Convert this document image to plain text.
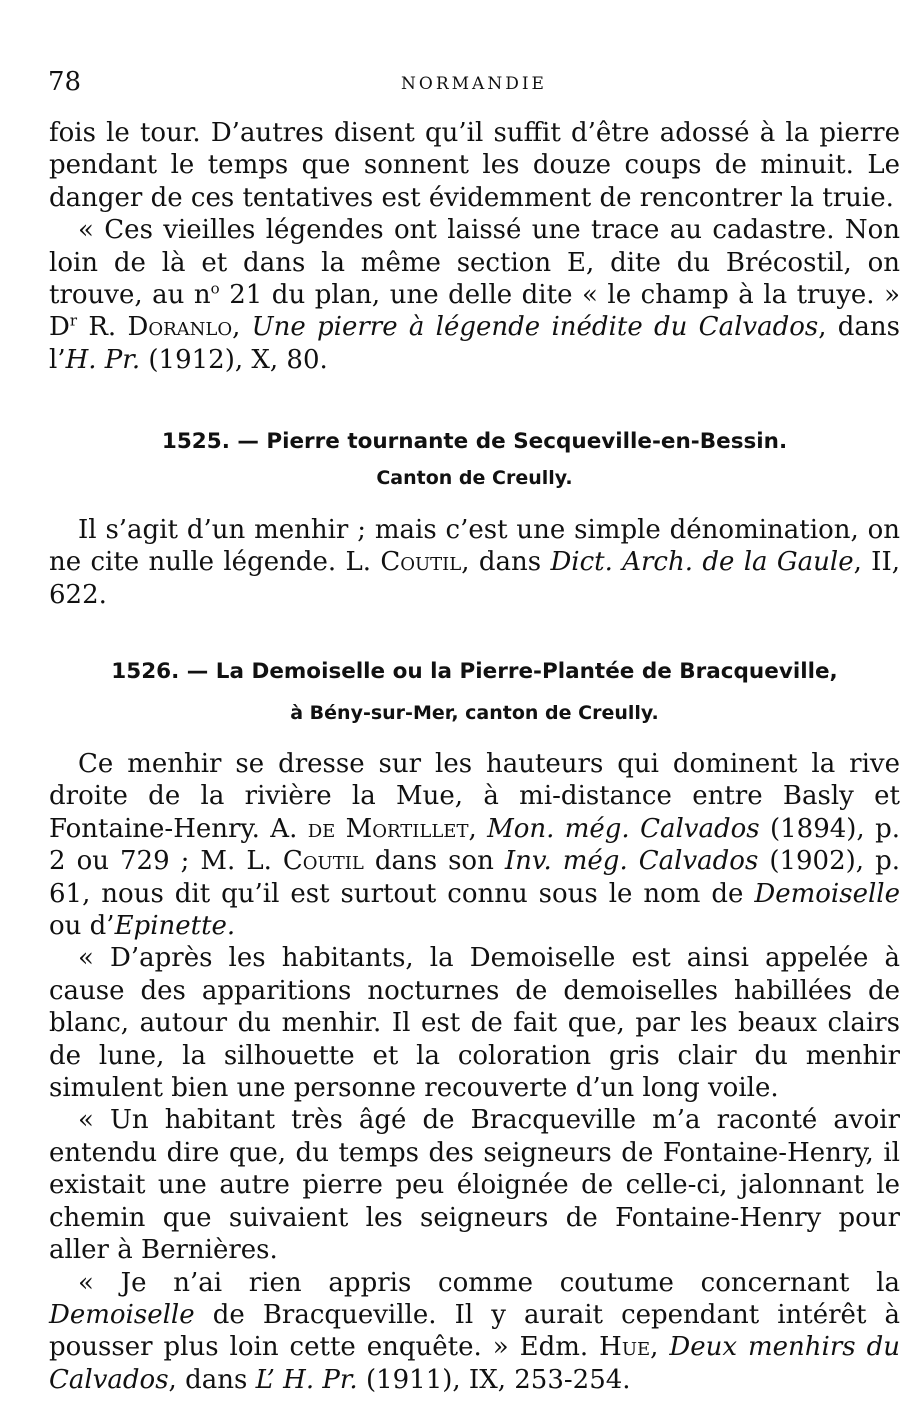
78	NORMANDIE

fois le tour. D’autres disent qu’il suffit d’être adossé à la pierre pendant le temps que sonnent les douze coups de minuit. Le danger de ces tentatives est évidemment de rencontrer la truie.

« Ces vieilles légendes ont laissé une trace au cadastre. Non loin de là et dans la même section E, dite du Brécostil, on trouve, au $n^o$ 21 du plan, une delle dite « le champ à la truye. » $D^r$ R. Doranlo, Une pierre à légende inédite du Calvados, dans l’H. Pr. (1912), X, 80.

1525. — Pierre tournante de Secqueville-en-Bessin.

Canton de Creully.

Il s’agit d’un menhir ; mais c’est une simple dénomination, on ne cite nulle légende. L. Coutil, dans Dict. Arch. de la Gaule, II, 622.

1526. — La Demoiselle ou la Pierre-Plantée de Bracqueville,

à Bény-sur-Mer, canton de Creully.

Ce menhir se dresse sur les hauteurs qui dominent la rive droite de la rivière la Mue, à mi-distance entre Basly et Fontaine-Henry. A. de Mortillet, Mon. még. Calvados (1894), p. 2 ou 729 ; M. L. Coutil dans son Inv. még. Calvados (1902), p. 61, nous dit qu’il est surtout connu sous le nom de Demoiselle ou d’Epinette.

« D’après les habitants, la Demoiselle est ainsi appelée à cause des apparitions nocturnes de demoiselles habillées de blanc, autour du menhir. Il est de fait que, par les beaux clairs de lune, la silhouette et la coloration gris clair du menhir simulent bien une personne recouverte d’un long voile.

« Un habitant très âgé de Bracqueville m’a raconté avoir entendu dire que, du temps des seigneurs de Fontaine-Henry, il existait une autre pierre peu éloignée de celle-ci, jalonnant le chemin que suivaient les seigneurs de Fontaine-Henry pour aller à Bernières.

« Je n’ai rien appris comme coutume concernant la Demoiselle de Bracqueville. Il y aurait cependant intérêt à pousser plus loin cette enquête. » Edm. Hue, Deux menhirs du Calvados, dans L’ H. Pr. (1911), IX, 253-254.
